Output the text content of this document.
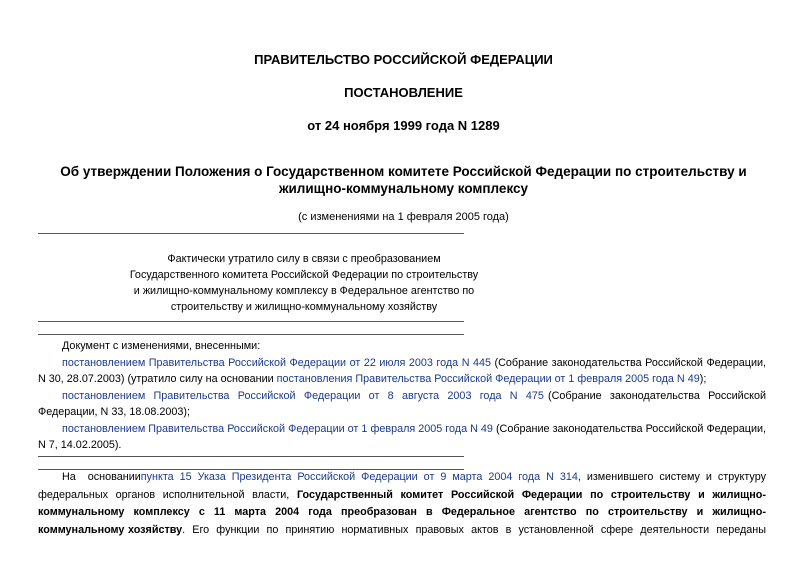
ПРАВИТЕЛЬСТВО РОССИЙСКОЙ ФЕДЕРАЦИИ
ПОСТАНОВЛЕНИЕ
от 24 ноября 1999 года N 1289
Об утверждении Положения о Государственном комитете Российской Федерации по строительству и
жилищно-коммунальному комплексу
(с изменениями на 1 февраля 2005 года)
Фактически утратило силу в связи с преобразованием
Государственного комитета Российской Федерации по строительству
и жилищно-коммунальному комплексу в Федеральное агентство по
строительству и жилищно-коммунальному хозяйству
Документ с изменениями, внесенными:
постановлением Правительства Российской Федерации от 22 июля 2003 года N 445 (Собрание законодательства Российской Федерации,
N 30, 28.07.2003) (утратило силу на основании постановления Правительства Российской Федерации от 1 февраля 2005 года N 49);
постановлением  Правительства  Российской  Федерации  от  8  августа  2003  года  N  475 (Собрание  законодательства  Российской
Федерации, N 33, 18.08.2003);
постановлением Правительства Российской Федерации от 1 февраля 2005 года N 49 (Собрание законодательства Российской Федерации,
N 7, 14.02.2005).
На  основаниипункта 15 Указа Президента Российской Федерации от 9 марта 2004 года N 314, изменившего систему и структуру
федеральных  органов  исполнительной  власти,  Государственный  комитет  Российской  Федерации  по  строительству  и  жилищно-
коммунальному  комплексу  с  11  марта  2004  года  преобразован  в  Федеральное  агентство  по  строительству  и  жилищно-
коммунальному хозяйству.  Его  функции  по  принятию  нормативных  правовых  актов  в  установленной  сфере  деятельности  переданы
